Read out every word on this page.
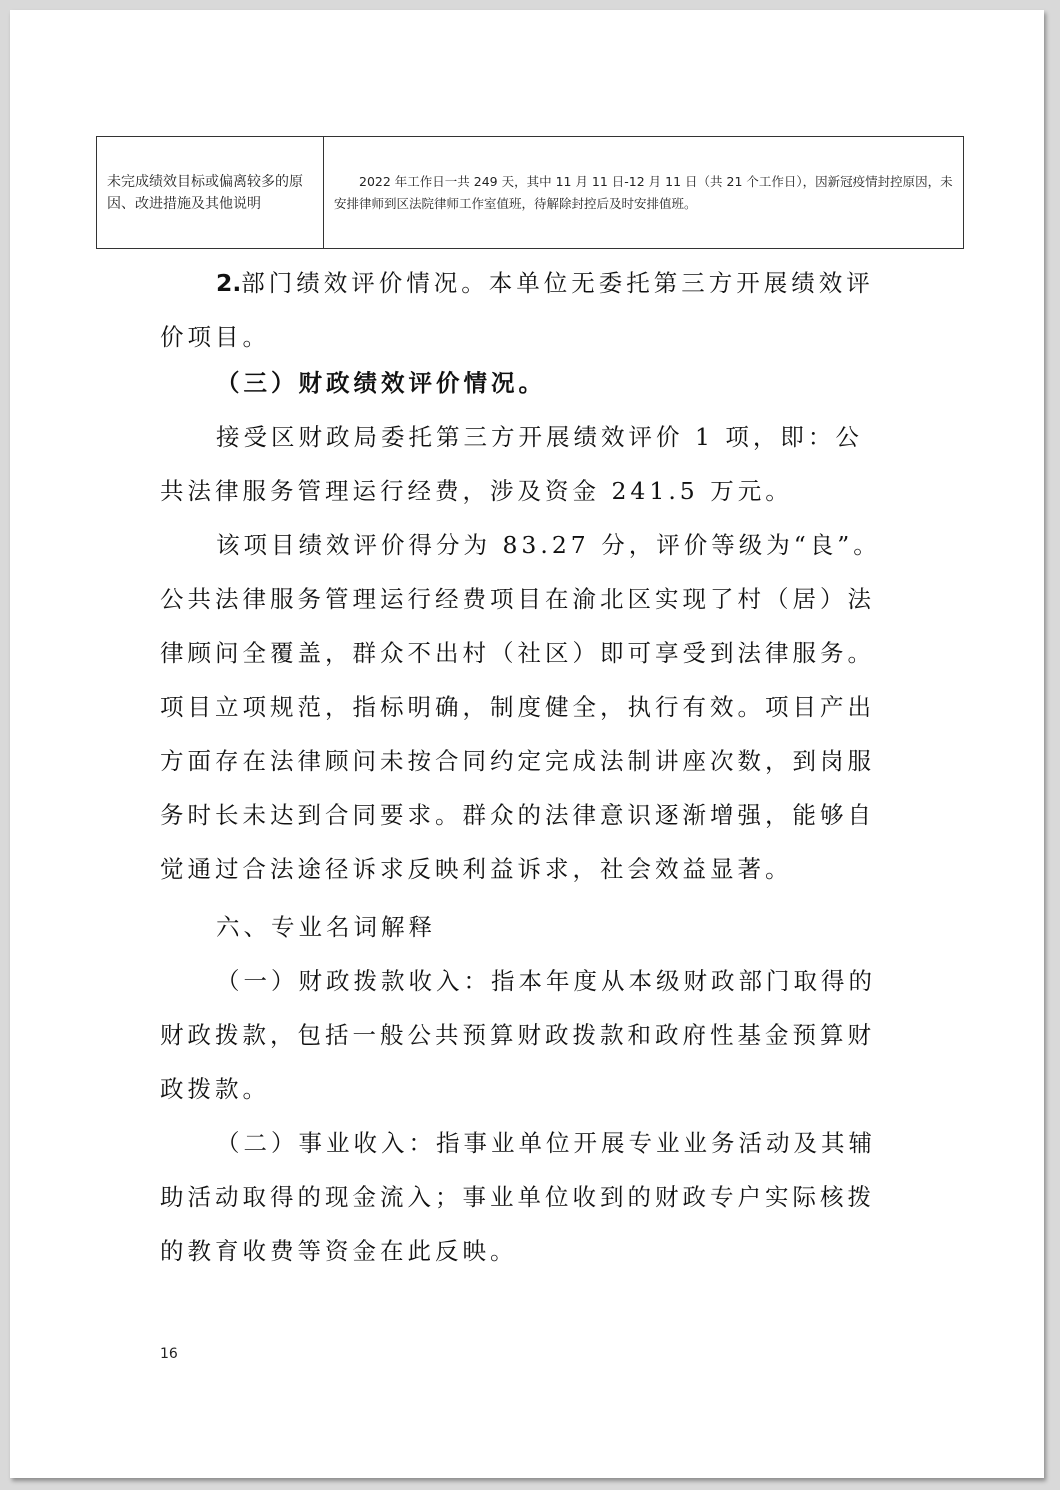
未完成绩效目标或偏离较多的原因、改进措施及其他说明	2022 年工作日一共 249 天，其中 11 月 11 日-12 月 11 日（共 21 个工作日），因新冠疫情封控原因，未安排律师到区法院律师工作室值班，待解除封控后及时安排值班。

2.部门绩效评价情况。本单位无委托第三方开展绩效评价项目。

（三）财政绩效评价情况。

接受区财政局委托第三方开展绩效评价 1 项，即：公共法律服务管理运行经费，涉及资金 241.5 万元。

该项目绩效评价得分为 83.27 分，评价等级为“良”。公共法律服务管理运行经费项目在渝北区实现了村（居）法律顾问全覆盖，群众不出村（社区）即可享受到法律服务。项目立项规范，指标明确，制度健全，执行有效。项目产出方面存在法律顾问未按合同约定完成法制讲座次数，到岗服务时长未达到合同要求。群众的法律意识逐渐增强，能够自觉通过合法途径诉求反映利益诉求，社会效益显著。

六、专业名词解释

（一）财政拨款收入：指本年度从本级财政部门取得的财政拨款，包括一般公共预算财政拨款和政府性基金预算财政拨款。

（二）事业收入：指事业单位开展专业业务活动及其辅助活动取得的现金流入；事业单位收到的财政专户实际核拨的教育收费等资金在此反映。

16
